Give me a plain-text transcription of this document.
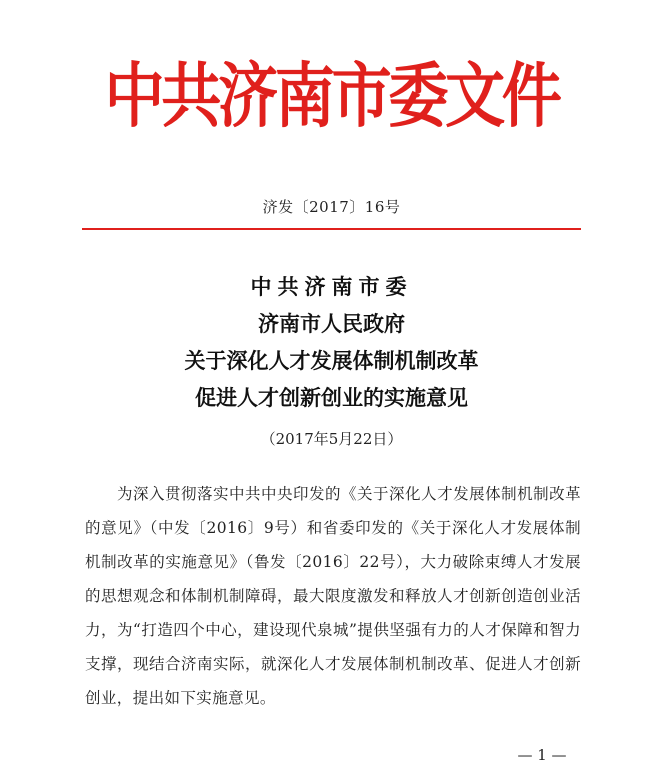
中共济南市委文件
济发〔2017〕16号
中共济南市委
济南市人民政府
关于深化人才发展体制机制改革
促进人才创新创业的实施意见
（2017年5月22日）
为深入贯彻落实中共中央印发的《关于深化人才发展体制机制改革的意见》（中发〔2016〕9号）和省委印发的《关于深化人才发展体制机制改革的实施意见》（鲁发〔2016〕22号），大力破除束缚人才发展的思想观念和体制机制障碍，最大限度激发和释放人才创新创造创业活力，为“打造四个中心，建设现代泉城”提供坚强有力的人才保障和智力支撑，现结合济南实际，就深化人才发展体制机制改革、促进人才创新创业，提出如下实施意见。
— 1 —
